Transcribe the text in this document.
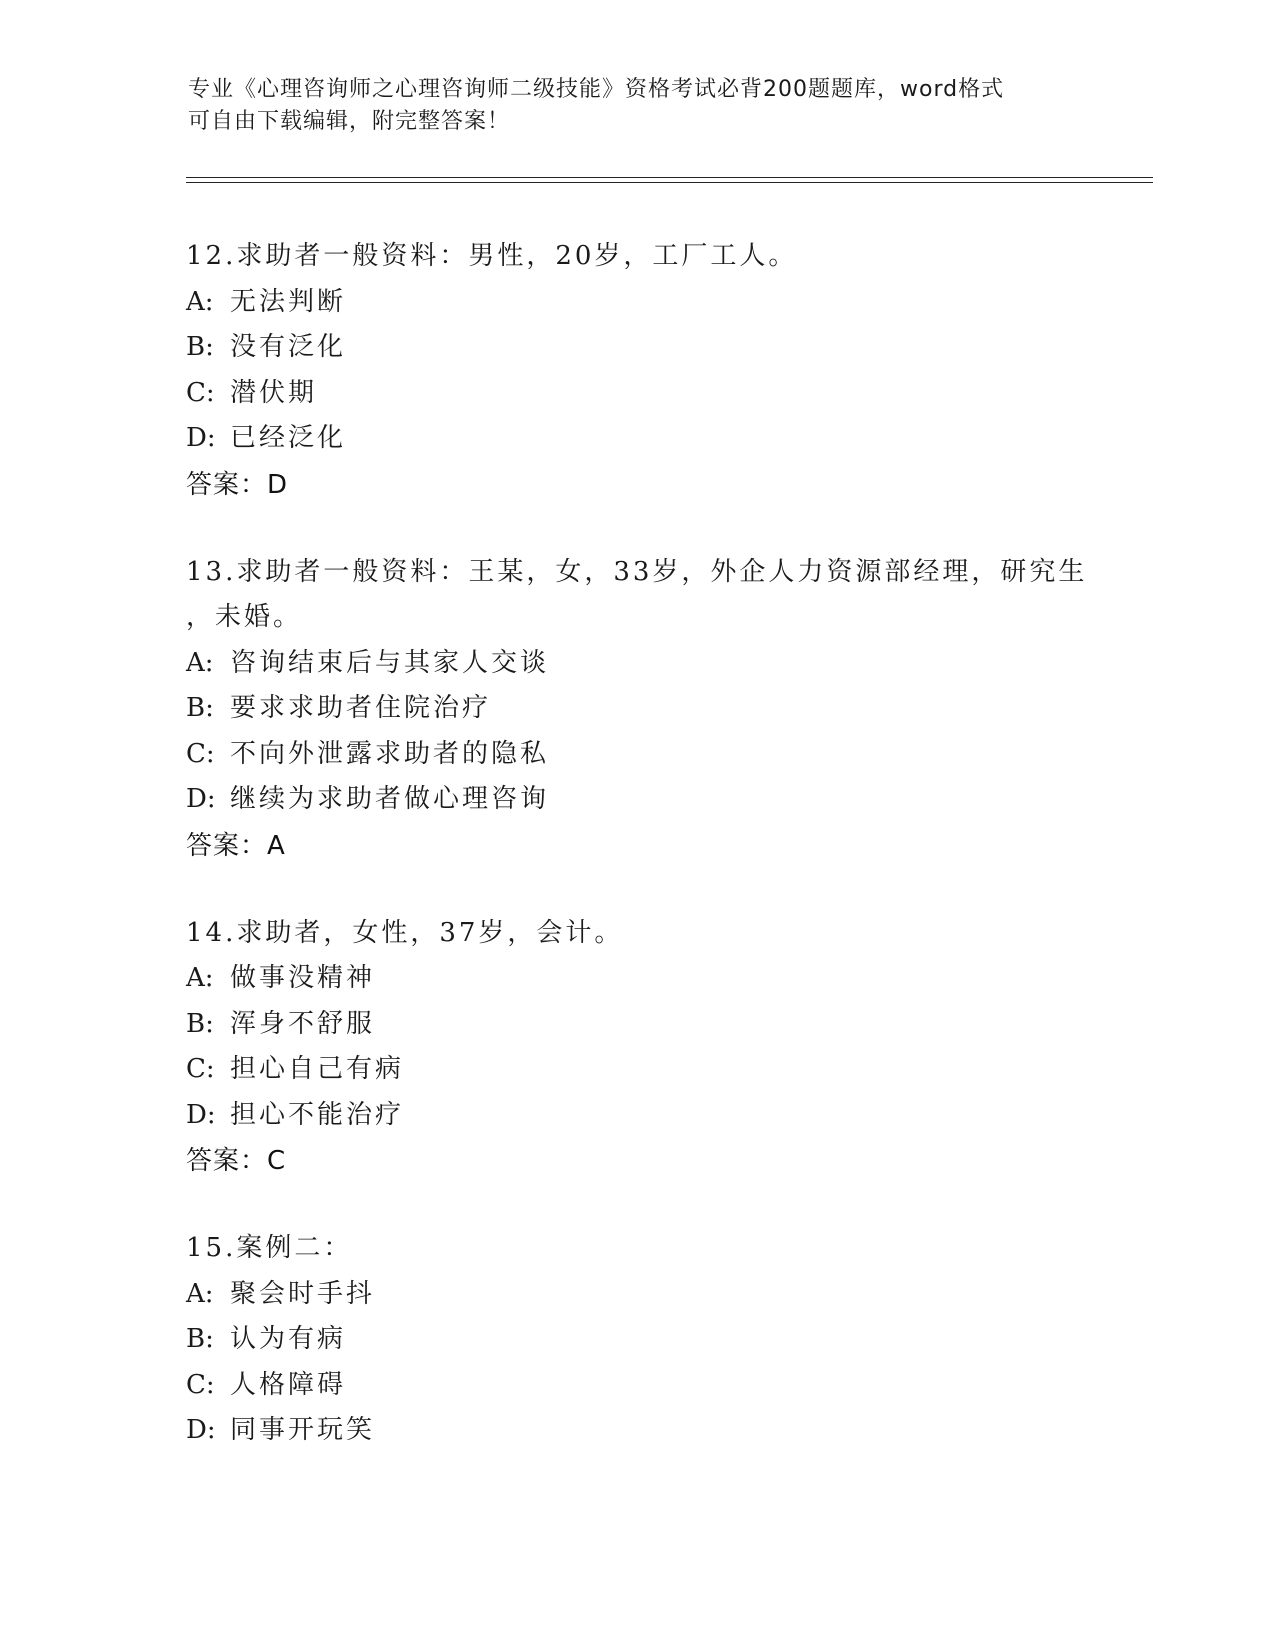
专业《心理咨询师之心理咨询师二级技能》资格考试必背200题题库，word格式
可自由下载编辑，附完整答案！
12.求助者一般资料：男性，20岁，工厂工人。
A: 无法判断
B: 没有泛化
C: 潜伏期
D: 已经泛化
答案：D
13.求助者一般资料：王某，女，33岁，外企人力资源部经理，研究生
，未婚。
A: 咨询结束后与其家人交谈
B: 要求求助者住院治疗
C: 不向外泄露求助者的隐私
D: 继续为求助者做心理咨询
答案：A
14.求助者，女性，37岁，会计。
A: 做事没精神
B: 浑身不舒服
C: 担心自己有病
D: 担心不能治疗
答案：C
15.案例二：
A: 聚会时手抖
B: 认为有病
C: 人格障碍
D: 同事开玩笑
